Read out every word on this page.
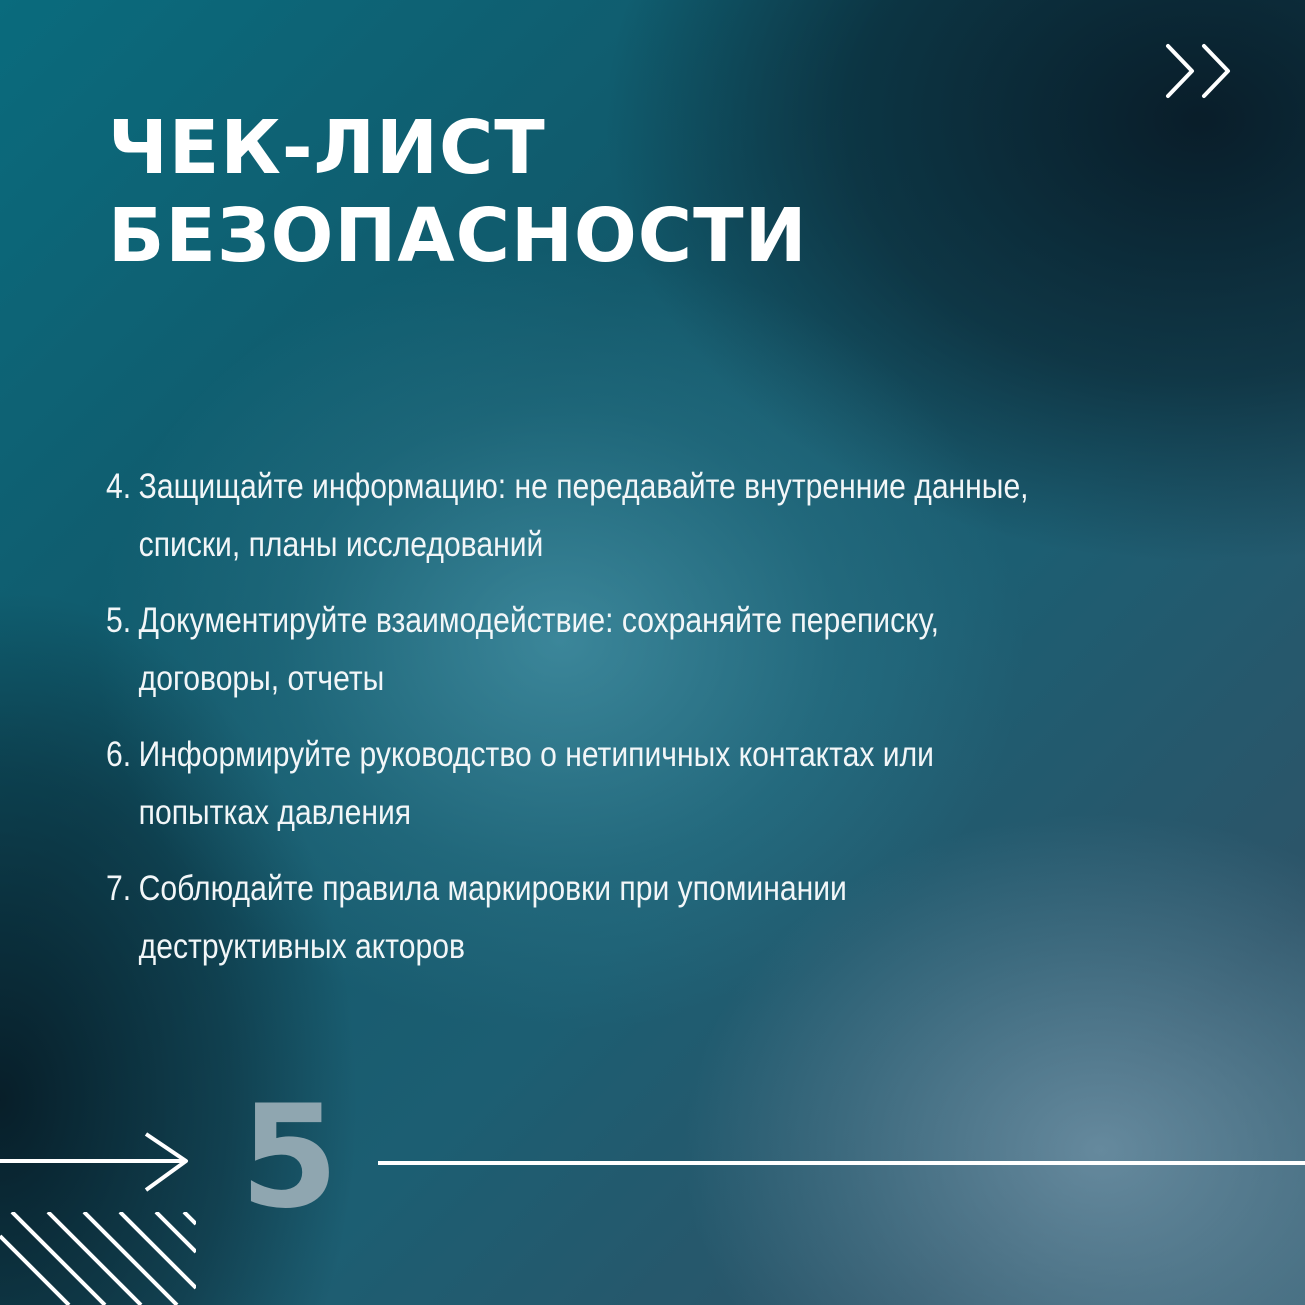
ЧЕК-ЛИСТ
БЕЗОПАСНОСТИ
4. Защищайте информацию: не передавайте внутренние данные,
списки, планы исследований
5. Документируйте взаимодействие: сохраняйте переписку,
договоры, отчеты
6. Информируйте руководство о нетипичных контактах или
попытках давления
7. Соблюдайте правила маркировки при упоминании
деструктивных акторов
5
